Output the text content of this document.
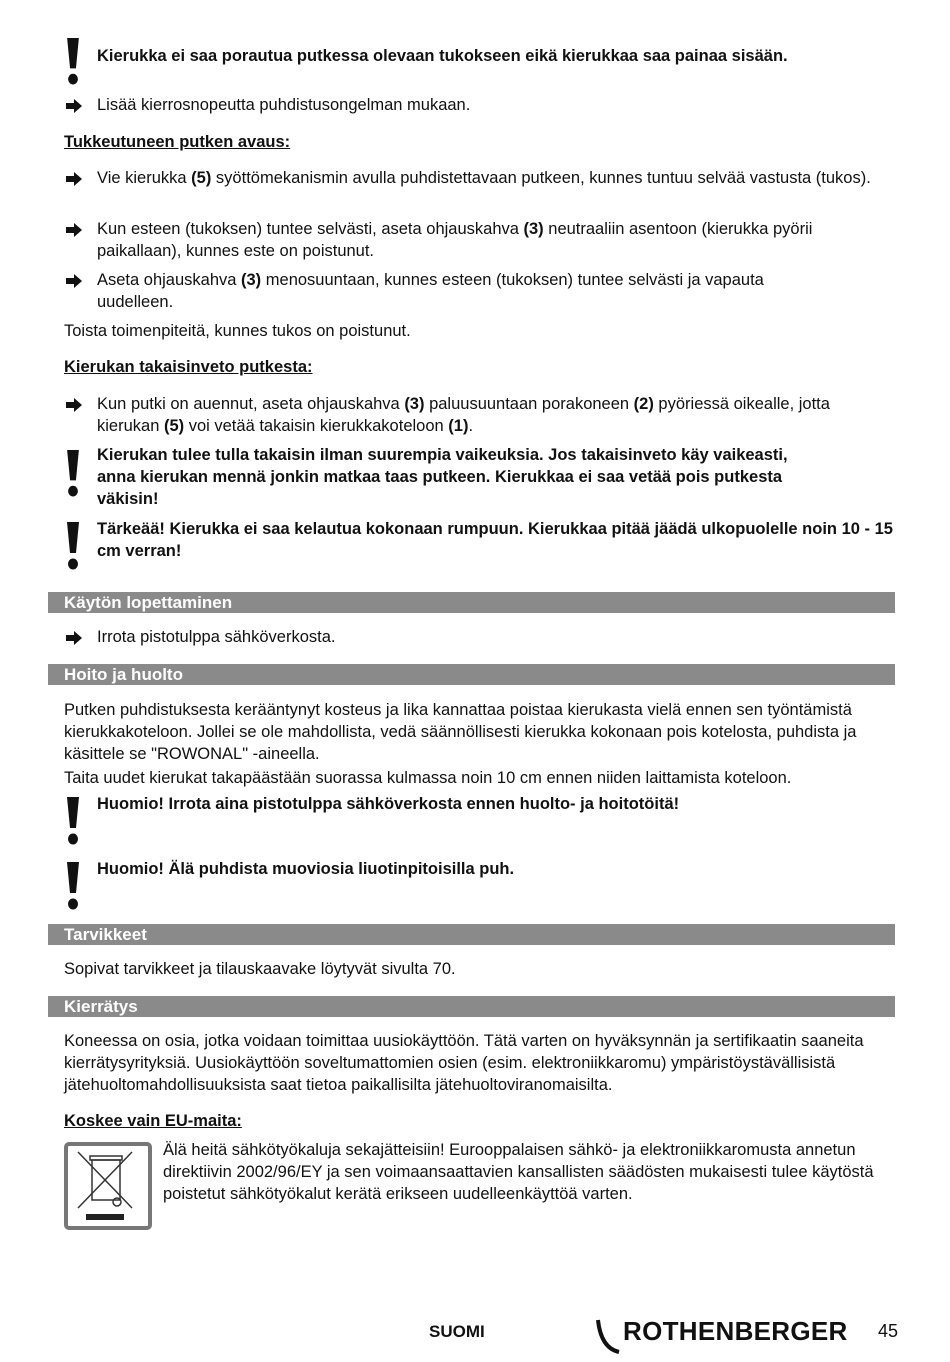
Kierukka ei saa porautua putkessa olevaan tukokseen eikä kierukkaa saa painaa sisään.
Lisää kierrosnopeutta puhdistusongelman mukaan.
Tukkeutuneen putken avaus:
Vie kierukka (5) syöttömekanismin avulla puhdistettavaan putkeen, kunnes tuntuu selvää vastusta (tukos).
Kun esteen (tukoksen) tuntee selvästi, aseta ohjauskahva (3) neutraaliin asentoon (kierukka pyörii paikallaan), kunnes este on poistunut.
Aseta ohjauskahva (3) menosuuntaan, kunnes esteen (tukoksen) tuntee selvästi ja vapauta uudelleen.
Toista toimenpiteitä, kunnes tukos on poistunut.
Kierukan takaisinveto putkesta:
Kun putki on auennut, aseta ohjauskahva (3) paluusuuntaan porakoneen (2) pyöriessä oikealle, jotta kierukan (5) voi vetää takaisin kierukkakoteloon (1).
Kierukan tulee tulla takaisin ilman suurempia vaikeuksia. Jos takaisinveto käy vaikeasti, anna kierukan mennä jonkin matkaa taas putkeen. Kierukkaa ei saa vetää pois putkesta väkisin!
Tärkeää! Kierukka ei saa kelautua kokonaan rumpuun. Kierukkaa pitää jäädä ulkopuolelle noin 10 - 15 cm verran!
Käytön lopettaminen
Irrota pistotulppa sähköverkosta.
Hoito ja huolto
Putken puhdistuksesta kerääntynyt kosteus ja lika kannattaa poistaa kierukasta vielä ennen sen työntämistä kierukkakoteloon. Jollei se ole mahdollista, vedä säännöllisesti kierukka kokonaan pois kotelosta, puhdista ja käsittele se "ROWONAL" -aineella.
Taita uudet kierukat takapäästään suorassa kulmassa noin 10 cm ennen niiden laittamista koteloon.
Huomio! Irrota aina pistotulppa sähköverkosta ennen huolto- ja hoitotöitä!
Huomio! Älä puhdista muoviosia liuotinpitoisilla puh.
Tarvikkeet
Sopivat tarvikkeet ja tilauskaavake löytyvät sivulta 70.
Kierrätys
Koneessa on osia, jotka voidaan toimittaa uusiokäyttöön. Tätä varten on hyväksynnän ja sertifikaatin saaneita kierrätysyrityksiä. Uusiokäyttöön soveltumattomien osien (esim. elektroniikkaromu) ympäristöystävällisistä jätehuoltomahdollisuuksista saat tietoa paikallisilta jätehuoltoviranomaisilta.
Koskee vain EU-maita:
Älä heitä sähkötyökaluja sekajätteisiin! Eurooppalaisen sähkö- ja elektroniikkaromusta annetun direktiivin 2002/96/EY ja sen voimaansaattavien kansallisten säädösten mukaisesti tulee käytöstä poistetut sähkötyökalut kerätä erikseen uudelleenkäyttöä varten.
SUOMI	ROTHENBERGER 45
